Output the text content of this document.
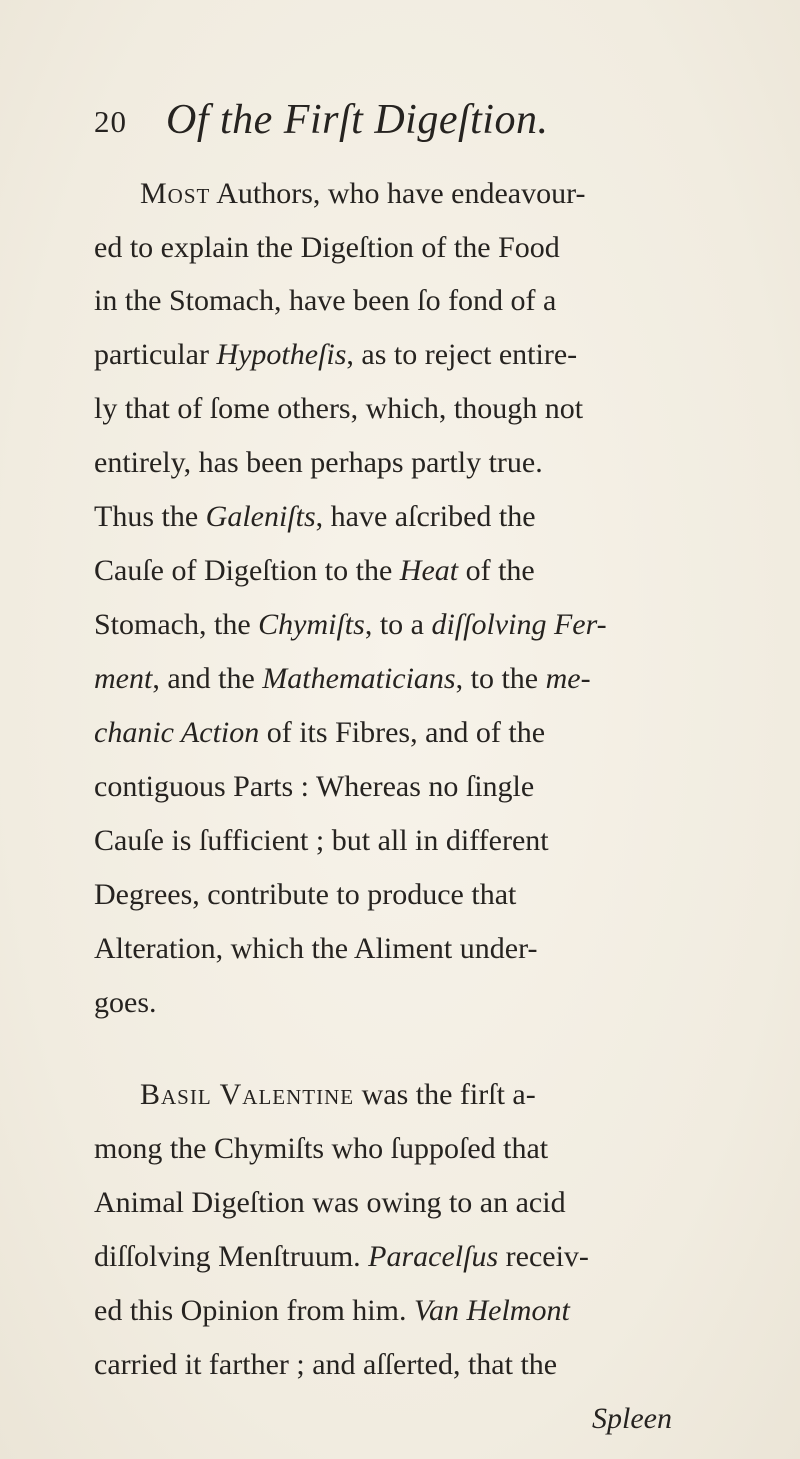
20 Of the Firſt Digeſtion.
Most Authors, who have endeavour-
ed to explain the Digeſtion of the Food
in the Stomach, have been ſo fond of a
particular Hypotheſis, as to reject entire-
ly that of ſome others, which, though not
entirely, has been perhaps partly true.
Thus the Galeniſts, have aſcribed the
Cauſe of Digeſtion to the Heat of the
Stomach, the Chymiſts, to a diſſolving Fer-
ment, and the Mathematicians, to the me-
chanic Action of its Fibres, and of the
contiguous Parts : Whereas no ſingle
Cauſe is ſufficient ; but all in different
Degrees, contribute to produce that
Alteration, which the Aliment under-
goes.
Basil Valentine was the firſt a-
mong the Chymiſts who ſuppoſed that
Animal Digeſtion was owing to an acid
diſſolving Menſtruum. Paracelſus receiv-
ed this Opinion from him. Van Helmont
carried it farther ; and aſſerted, that the
Spleen
